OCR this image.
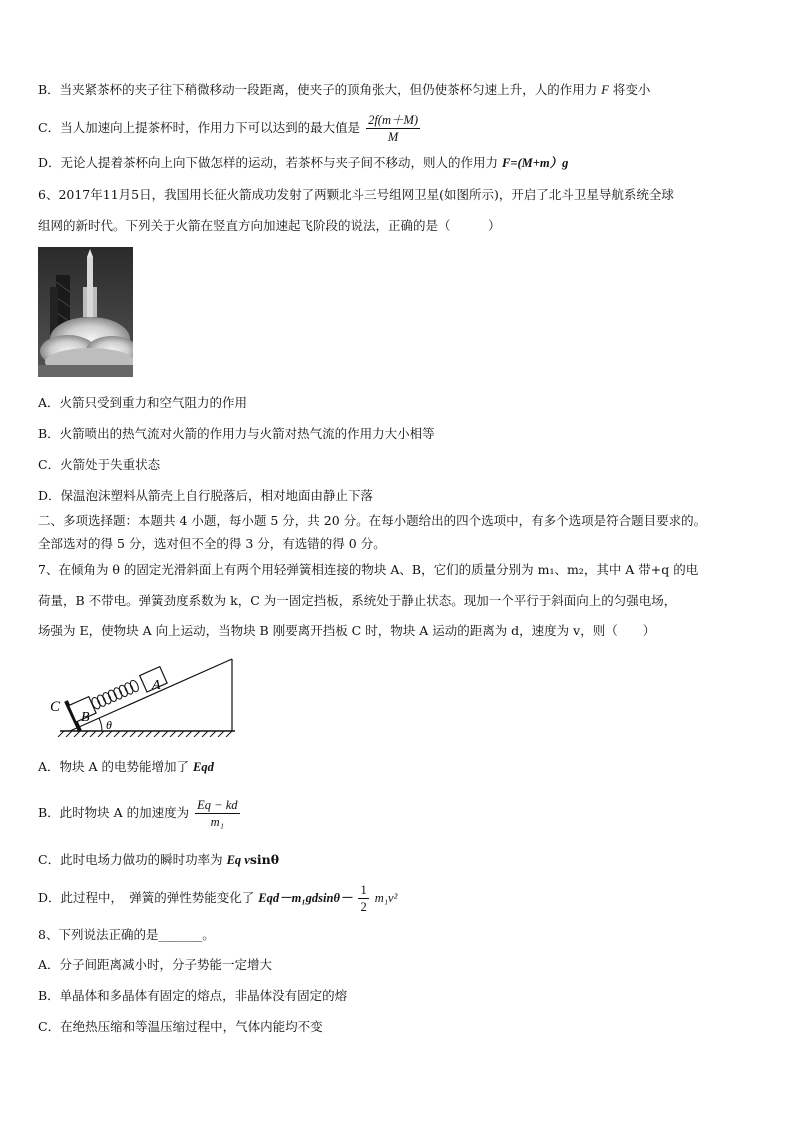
B．当夹紧茶杯的夹子往下稍微移动一段距离，使夹子的顶角张大，但仍使茶杯匀速上升，人的作用力 F 将变小
C．当人加速向上提茶杯时，作用力下可以达到的最大值是 $\frac{2f(m+M)}{M}$
D．无论人提着茶杯向上向下做怎样的运动，若茶杯与夹子间不移动，则人的作用力 F=(M+m）g
6、2017年11月5日，我国用长征火箭成功发射了两颗北斗三号组网卫星(如图所示)，开启了北斗卫星导航系统全球
组网的新时代。下列关于火箭在竖直方向加速起飞阶段的说法，正确的是（　　　）
A．火箭只受到重力和空气阻力的作用
B．火箭喷出的热气流对火箭的作用力与火箭对热气流的作用力大小相等
C．火箭处于失重状态
D．保温泡沫塑料从箭壳上自行脱落后，相对地面由静止下落
二、多项选择题：本题共 4 小题，每小题 5 分，共 20 分。在每小题给出的四个选项中，有多个选项是符合题目要求的。
全部选对的得 5 分，选对但不全的得 3 分，有选错的得 0 分。
7、在倾角为 θ 的固定光滑斜面上有两个用轻弹簧相连接的物块 A、B，它们的质量分别为 m₁、m₂，其中 A 带+q 的电
荷量，B 不带电。弹簧劲度系数为 k，C 为一固定挡板，系统处于静止状态。现加一个平行于斜面向上的匀强电场，
场强为 E，使物块 A 向上运动，当物块 B 刚要离开挡板 C 时，物块 A 运动的距离为 d，速度为 v，则（　　）
C
B
A
θ
A．物块 A 的电势能增加了 Eqd
B．此时物块 A 的加速度为 $\frac{Eq - kd}{\text{m₁}}$
C．此时电场力做功的瞬时功率为 Eq vsinθ
D．此过程中，　弹簧的弹性势能变化了 $Eqd-m_1gdsin\theta- \frac{1}{2} m_1v^2$
8、下列说法正确的是_______。
A．分子间距离减小时，分子势能一定增大
B．单晶体和多晶体有固定的熔点，非晶体没有固定的熔
C．在绝热压缩和等温压缩过程中，气体内能均不变
